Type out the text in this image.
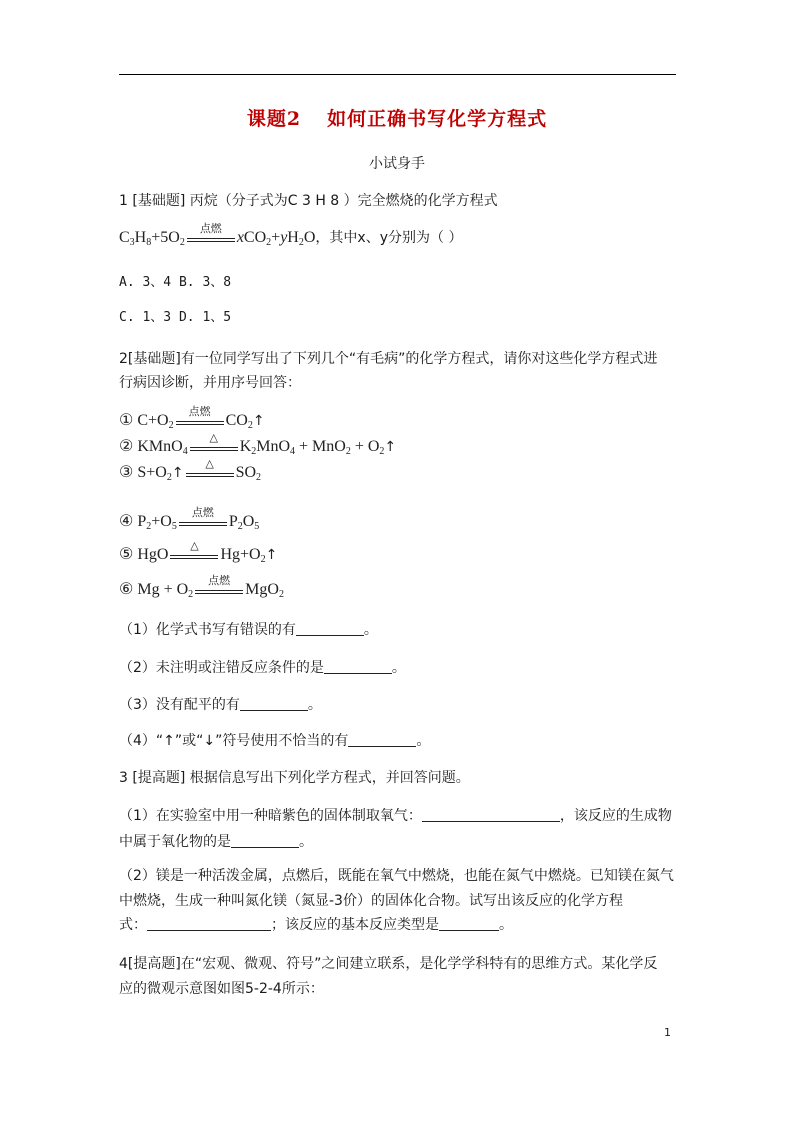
课题2 如何正确书写化学方程式
小试身手
1 [基础题] 丙烷（分子式为C 3 H 8 ）完全燃烧的化学方程式
$C_3H_8+5O_2$
点燃
$xCO_2+yH_2O$，其中x、y分别为（ ）
A. 3、4 B. 3、8
C. 1、3 D. 1、5
2[基础题]有一位同学写出了下列几个“有毛病”的化学方程式，请你对这些化学方程式进
行病因诊断，并用序号回答：
① $C+O_2$
点燃
$CO_2↑$
② KMnO$_4$
△
$K_2MnO_4 + MnO_2$ + $O_2↑$
③ $S+O_2↑$
△
$SO_2$
④ $P_2+O_5$
点燃
$P_2O_5$
⑤ HgO
△
$Hg+O_2↑$
⑥ $Mg + O_2$
点燃
MgO$_2$
（1）化学式书写有错误的有	。
（2）未注明或注错反应条件的是	。
（3）没有配平的有	。
（4）“↑”或“↓”符号使用不恰当的有	。
3 [提高题] 根据信息写出下列化学方程式，并回答问题。
（1）在实验室中用一种暗紫色的固体制取氧气：	，该反应的生成物
中属于氧化物的是	。
（2）镁是一种活泼金属，点燃后，既能在氧气中燃烧，也能在氮气中燃烧。已知镁在氮气
中燃烧，生成一种叫氮化镁（氮显-3价）的固体化合物。试写出该反应的化学方程
式：	；该反应的基本反应类型是	。
4[提高题]在“宏观、微观、符号”之间建立联系，是化学学科特有的思维方式。某化学反
应的微观示意图如图5-2-4所示：
1
